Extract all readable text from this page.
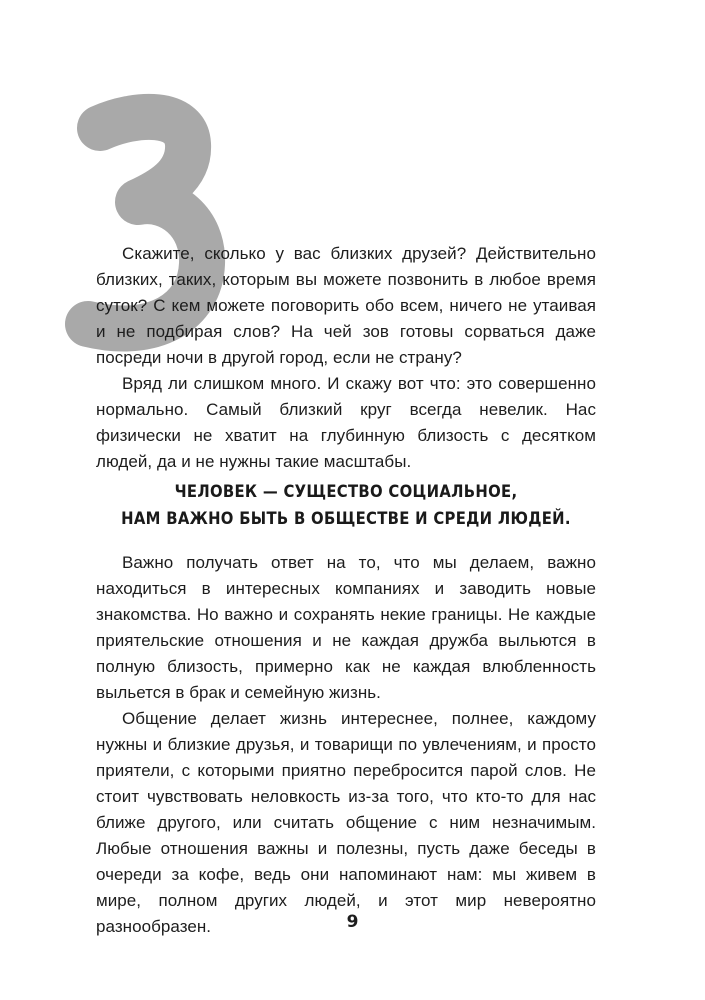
Скажите, сколько у вас близких друзей? Действительно близких, таких, которым вы можете позвонить в любое время суток? С кем можете поговорить обо всем, ничего не утаивая и не подбирая слов? На чей зов готовы сорваться даже посреди ночи в другой город, если не страну?

Вряд ли слишком много. И скажу вот что: это совершенно нормально. Самый близкий круг всегда невелик. Нас физически не хватит на глубинную близость с десятком людей, да и не нужны такие масштабы.

ЧЕЛОВЕК — СУЩЕСТВО СОЦИАЛЬНОЕ,
НАМ ВАЖНО БЫТЬ В ОБЩЕСТВЕ И СРЕДИ ЛЮДЕЙ.

Важно получать ответ на то, что мы делаем, важно находиться в интересных компаниях и заводить новые знакомства. Но важно и сохранять некие границы. Не каждые приятельские отношения и не каждая дружба выльются в полную близость, примерно как не каждая влюбленность выльется в брак и семейную жизнь.

Общение делает жизнь интереснее, полнее, каждому нужны и близкие друзья, и товарищи по увлечениям, и просто приятели, с которыми приятно перебросится парой слов. Не стоит чувствовать неловкость из-за того, что кто-то для нас ближе другого, или считать общение с ним незначимым. Любые отношения важны и полезны, пусть даже беседы в очереди за кофе, ведь они напоминают нам: мы живем в мире, полном других людей, и этот мир невероятно разнообразен.	9
